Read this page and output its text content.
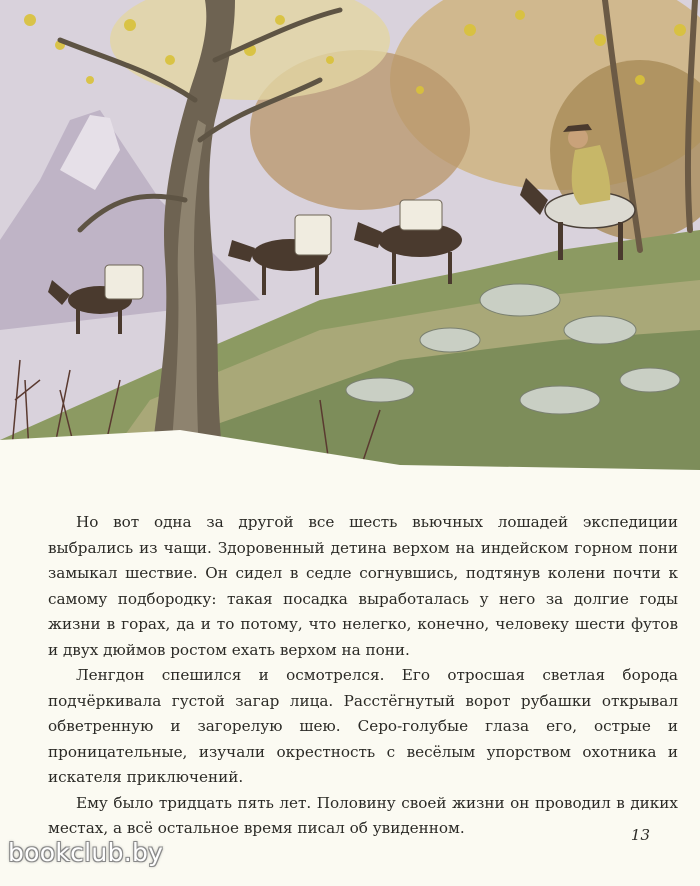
Но вот одна за другой все шесть вьючных лошадей экспедиции выбрались из чащи. Здоровенный детина верхом на индейском горном пони замыкал шествие. Он сидел в седле согнувшись, подтянув колени почти к самому подбородку: такая посадка выработалась у него за долгие годы жизни в горах, да и то потому, что нелегко, конечно, человеку шести футов и двух дюймов ростом ехать верхом на пони.

Ленгдон спешился и осмотрелся. Его отросшая светлая борода подчёркивала густой загар лица. Расстёгнутый ворот рубашки открывал обветренную и загорелую шею. Серо-голубые глаза его, острые и проницательные, изучали окрестность с весёлым упорством охотника и искателя приключений.

Ему было тридцать пять лет. Половину своей жизни он проводил в диких местах, а всё остальное время писал об увиденном.	13
bookclub.by
